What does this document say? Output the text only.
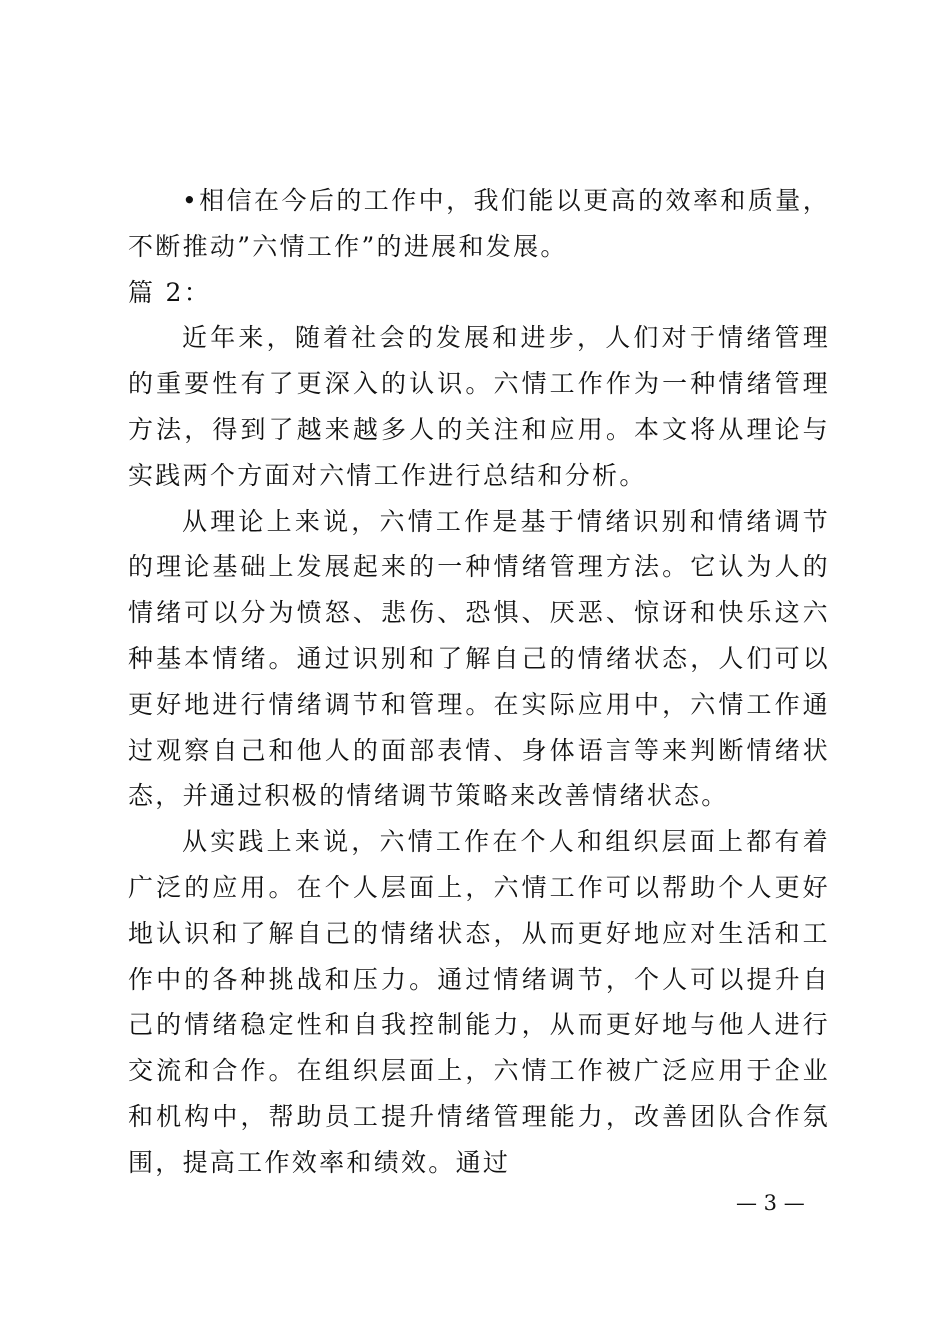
•相信在今后的工作中，我们能以更高的效率和质量，不断推动”六情工作”的进展和发展。

篇 2：

近年来，随着社会的发展和进步，人们对于情绪管理的重要性有了更深入的认识。六情工作作为一种情绪管理方法，得到了越来越多人的关注和应用。本文将从理论与实践两个方面对六情工作进行总结和分析。

从理论上来说，六情工作是基于情绪识别和情绪调节的理论基础上发展起来的一种情绪管理方法。它认为人的情绪可以分为愤怒、悲伤、恐惧、厌恶、惊讶和快乐这六种基本情绪。通过识别和了解自己的情绪状态，人们可以更好地进行情绪调节和管理。在实际应用中，六情工作通过观察自己和他人的面部表情、身体语言等来判断情绪状态，并通过积极的情绪调节策略来改善情绪状态。

从实践上来说，六情工作在个人和组织层面上都有着广泛的应用。在个人层面上，六情工作可以帮助个人更好地认识和了解自己的情绪状态，从而更好地应对生活和工作中的各种挑战和压力。通过情绪调节，个人可以提升自己的情绪稳定性和自我控制能力，从而更好地与他人进行交流和合作。在组织层面上，六情工作被广泛应用于企业和机构中，帮助员工提升情绪管理能力，改善团队合作氛围，提高工作效率和绩效。通过

— 3 —
